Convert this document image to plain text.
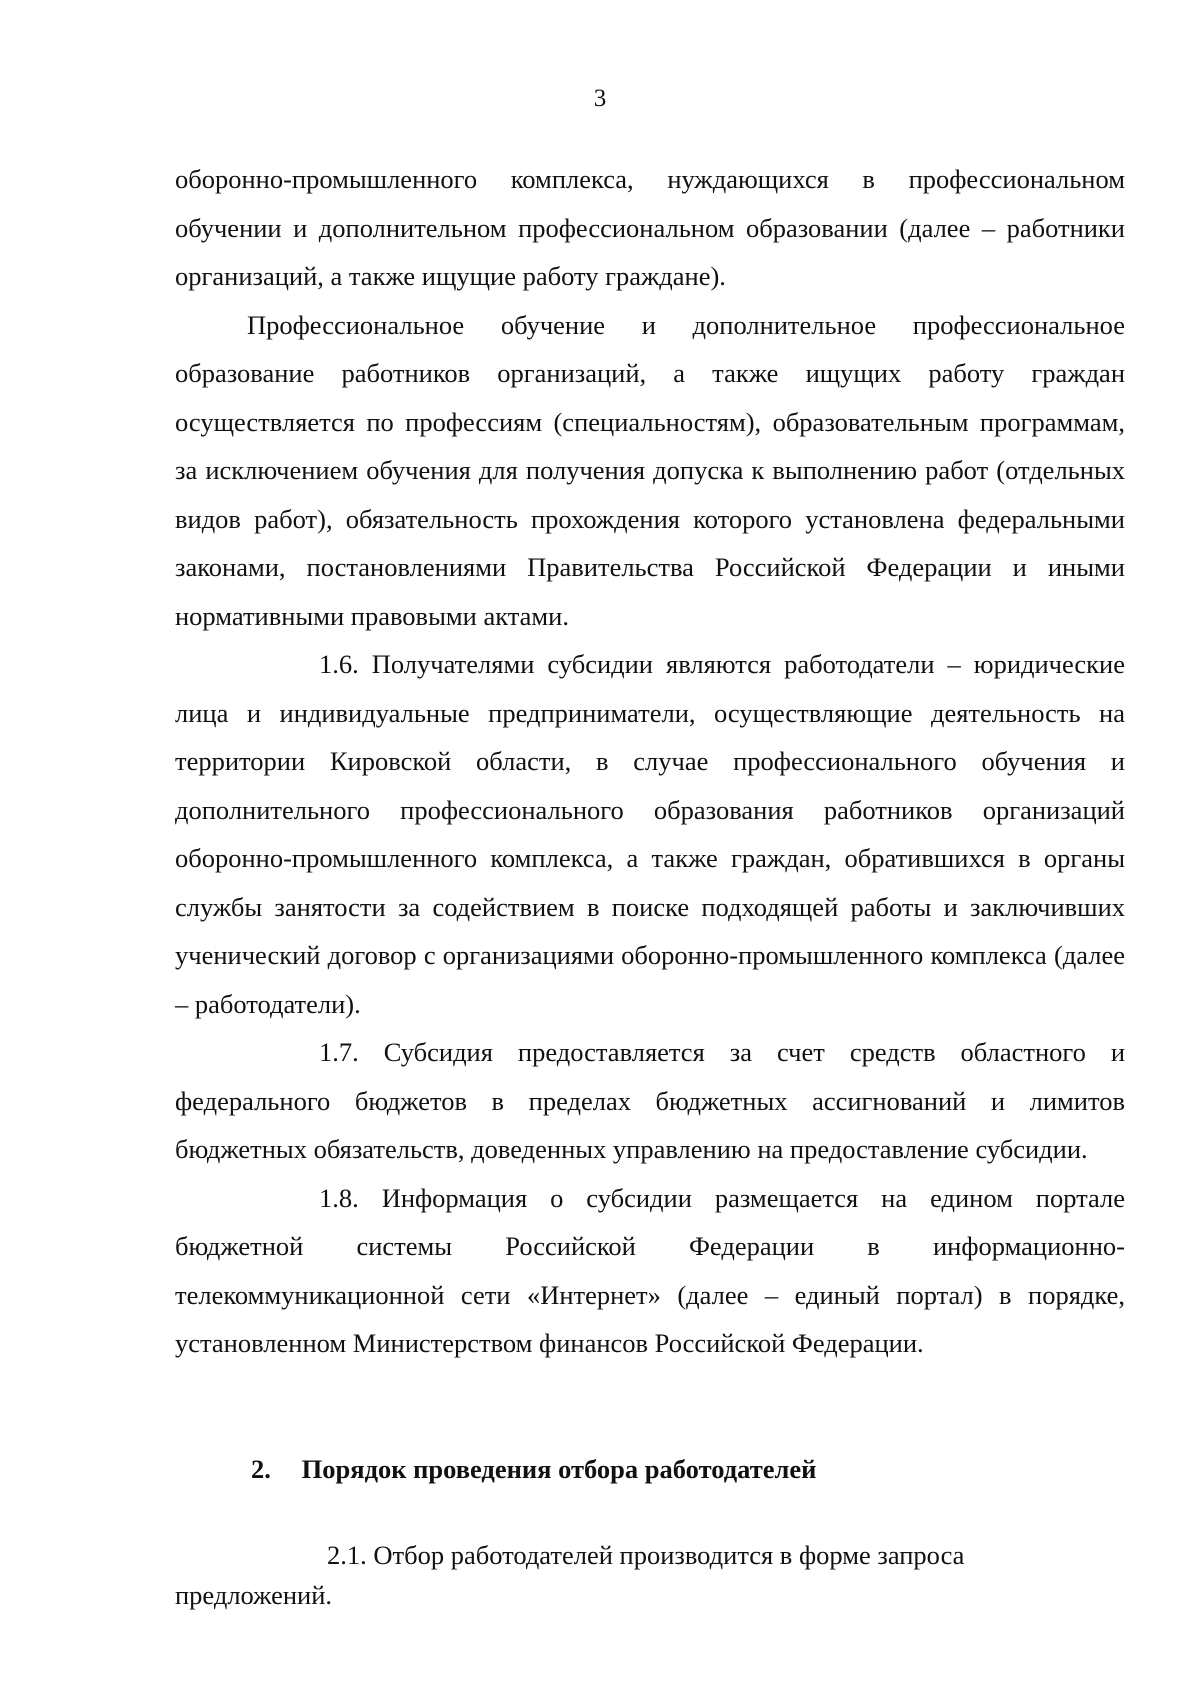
3

оборонно-промышленного комплекса, нуждающихся в профессиональном обучении и дополнительном профессиональном образовании (далее – работники организаций, а также ищущие работу граждане).

Профессиональное обучение и дополнительное профессиональное образование работников организаций, а также ищущих работу граждан осуществляется по профессиям (специальностям), образовательным программам, за исключением обучения для получения допуска к выполнению работ (отдельных видов работ), обязательность прохождения которого установлена федеральными законами, постановлениями Правительства Российской Федерации и иными нормативными правовыми актами.

1.6. Получателями субсидии являются работодатели – юридические лица и индивидуальные предприниматели, осуществляющие деятельность на территории Кировской области, в случае профессионального обучения и дополнительного профессионального образования работников организаций оборонно-промышленного комплекса, а также граждан, обратившихся в органы службы занятости за содействием в поиске подходящей работы и заключивших ученический договор с организациями оборонно-промышленного комплекса (далее – работодатели).

1.7. Субсидия предоставляется за счет средств областного и федерального бюджетов в пределах бюджетных ассигнований и лимитов бюджетных обязательств, доведенных управлению на предоставление субсидии.

1.8. Информация о субсидии размещается на едином портале бюджетной системы Российской Федерации в информационно-телекоммуникационной сети «Интернет» (далее – единый портал) в порядке, установленном Министерством финансов Российской Федерации.

2. Порядок проведения отбора работодателей
2.1. Отбор работодателей производится в форме запроса предложений.
